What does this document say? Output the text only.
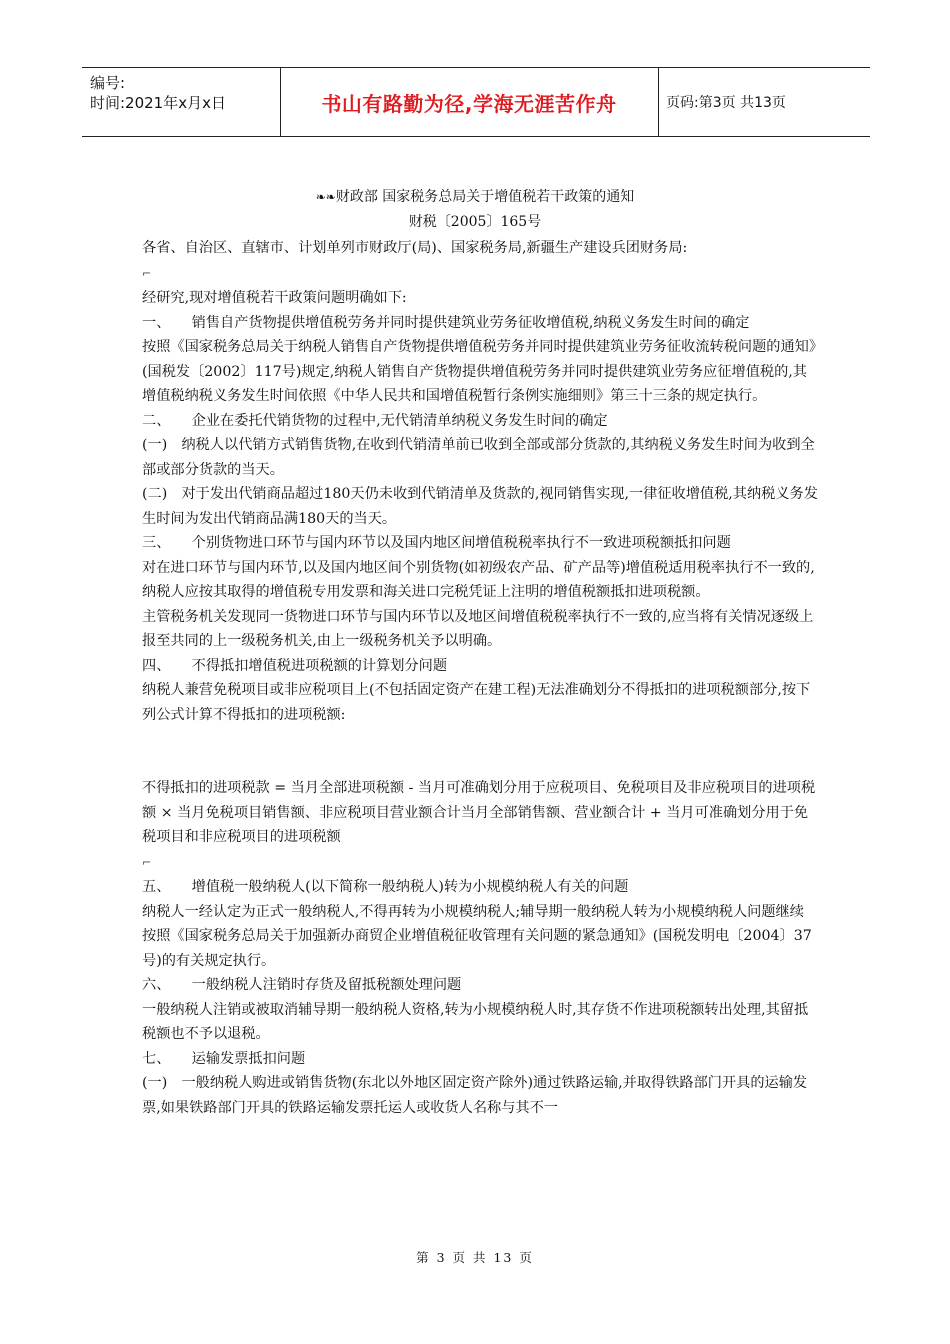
编号:
时间:2021年x月x日	书山有路勤为径,学海无涯苦作舟	页码:第3页 共13页
❧❧财政部 国家税务总局关于增值税若干政策的通知
财税〔2005〕165号

各省、自治区、直辖市、计划单列市财政厅(局)、国家税务局,新疆生产建设兵团财务局:

⌐

经研究,现对增值税若干政策问题明确如下:

一、　　销售自产货物提供增值税劳务并同时提供建筑业劳务征收增值税,纳税义务发生时间的确定

按照《国家税务总局关于纳税人销售自产货物提供增值税劳务并同时提供建筑业劳务征收流转税问题的通知》(国税发〔2002〕117号)规定,纳税人销售自产货物提供增值税劳务并同时提供建筑业劳务应征增值税的,其增值税纳税义务发生时间依照《中华人民共和国增值税暂行条例实施细则》第三十三条的规定执行。

二、　　企业在委托代销货物的过程中,无代销清单纳税义务发生时间的确定

(一)　纳税人以代销方式销售货物,在收到代销清单前已收到全部或部分货款的,其纳税义务发生时间为收到全部或部分货款的当天。

(二)　对于发出代销商品超过180天仍未收到代销清单及货款的,视同销售实现,一律征收增值税,其纳税义务发生时间为发出代销商品满180天的当天。

三、　　个别货物进口环节与国内环节以及国内地区间增值税税率执行不一致进项税额抵扣问题

对在进口环节与国内环节,以及国内地区间个别货物(如初级农产品、矿产品等)增值税适用税率执行不一致的,纳税人应按其取得的增值税专用发票和海关进口完税凭证上注明的增值税额抵扣进项税额。

主管税务机关发现同一货物进口环节与国内环节以及地区间增值税税率执行不一致的,应当将有关情况逐级上报至共同的上一级税务机关,由上一级税务机关予以明确。

四、　　不得抵扣增值税进项税额的计算划分问题

纳税人兼营免税项目或非应税项目上(不包括固定资产在建工程)无法准确划分不得抵扣的进项税额部分,按下列公式计算不得抵扣的进项税额:

不得抵扣的进项税款 = 当月全部进项税额 - 当月可准确划分用于应税项目、免税项目及非应税项目的进项税额 × 当月免税项目销售额、非应税项目营业额合计当月全部销售额、营业额合计 + 当月可准确划分用于免税项目和非应税项目的进项税额

⌐

五、　　增值税一般纳税人(以下简称一般纳税人)转为小规模纳税人有关的问题

纳税人一经认定为正式一般纳税人,不得再转为小规模纳税人;辅导期一般纳税人转为小规模纳税人问题继续按照《国家税务总局关于加强新办商贸企业增值税征收管理有关问题的紧急通知》(国税发明电〔2004〕37号)的有关规定执行。

六、　　一般纳税人注销时存货及留抵税额处理问题

一般纳税人注销或被取消辅导期一般纳税人资格,转为小规模纳税人时,其存货不作进项税额转出处理,其留抵税额也不予以退税。

七、　　运输发票抵扣问题

(一)　一般纳税人购进或销售货物(东北以外地区固定资产除外)通过铁路运输,并取得铁路部门开具的运输发票,如果铁路部门开具的铁路运输发票托运人或收货人名称与其不一

第 3 页 共 13 页
